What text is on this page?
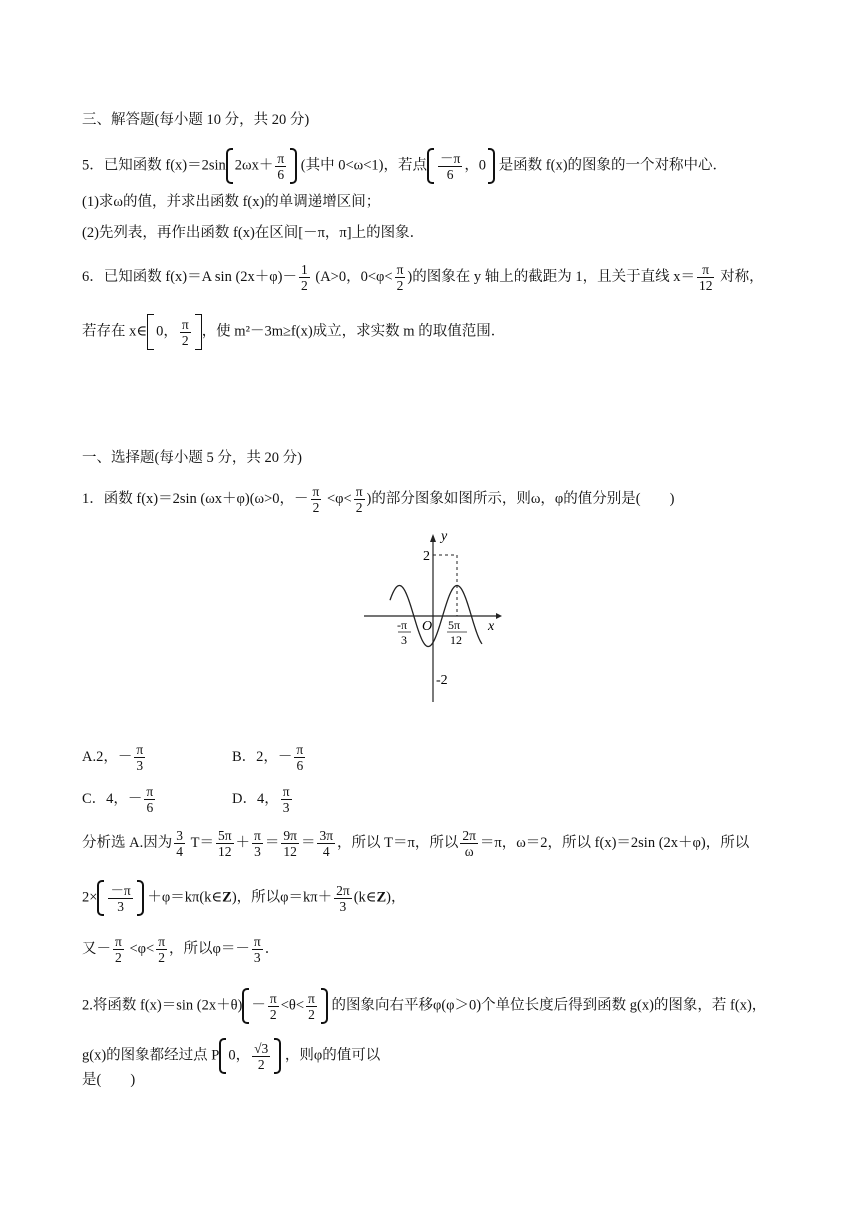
三、解答题(每小题 10 分，共 20 分)
5．已知函数 f(x)＝2sin $2\omega x+ \frac{\pi}{6}$ (其中 0<ω<1)，若点 $\frac{-\pi}{6}$ ，0 是函数 f(x)的图象的一个对称中心．
(1)求ω的值，并求出函数 f(x)的单调递增区间；
(2)先列表，再作出函数 f(x)在区间[－π，π]上的图象．
6．已知函数 f(x)＝A $\sin (2x+\varphi)- \frac{1}{2} (A>0$，$0<\varphi< \frac{\pi}{2}$ )的图象在 y 轴上的截距为 1，且关于直线 $x= \frac{\pi}{12}$ 对称，
若存在 x∈ 0， $\frac{\pi}{2}$ ，使 m²－3m≥f(x)成立，求实数 m 的取值范围．
一、选择题(每小题 5 分，共 20 分)
1．函数 f(x)＝2sin (ωx＋φ)(ω>0，－ $\frac{\pi}{2} <\varphi< \frac{\pi}{2}$ )的部分图象如图所示，则ω，φ的值分别是(　　)
y
x
O
2
-2
-π
3
5π
12
A.2，－ $\frac{\pi}{3}$	B．2，－ $\frac{\pi}{6}$
C．4，－ $\frac{\pi}{6}$	D．4， $\frac{\pi}{3}$
分析选 A.因为 $\frac{3}{4} T= \frac{5\pi}{12} + \frac{\pi}{3} = \frac{9\pi}{12} = \frac{3\pi}{4}$ ，所以 T＝π，所以 $\frac{2\pi}{\omega} =\pi$，ω＝2，所以 f(x)＝2sin (2x＋φ)，所以
$2\times \frac{-\pi}{3}$ ＋φ＝kπ(k∈Z)，所以$\varphi=k\pi+ \frac{2\pi}{3}$ (k∈Z)，
又－ $\frac{\pi}{2} <\varphi< \frac{\pi}{2}$ ，所以$\varphi=- \frac{\pi}{3}$ ．
2.将函数 f(x)＝sin $(2x+\theta) - \frac{\pi}{2} <\theta< \frac{\pi}{2}$ 的图象向右平移φ(φ＞0)个单位长度后得到函数 g(x)的图象，若 f(x)，
g(x)的图象都经过点 P 0， $\frac{√3}{2}$ ，则φ的值可以
是(　　)
